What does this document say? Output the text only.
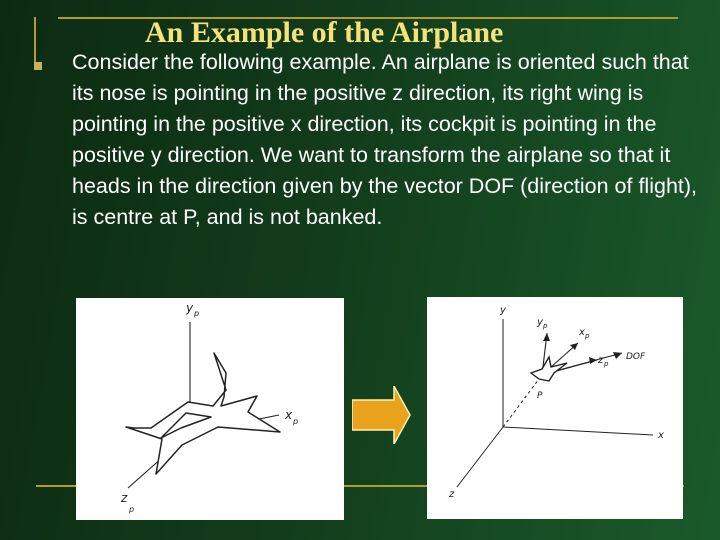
An Example of the Airplane
Consider the following example. An airplane is oriented such that its nose is pointing in the positive z direction, its right wing is pointing in the positive x direction, its cockpit is pointing in the positive y direction. We want to transform the airplane so that it heads in the direction given by the vector DOF (direction of flight), is centre at P, and is not banked.
y p
x p
z
p
y
x
z
y p
x p
z p
DOF
P
